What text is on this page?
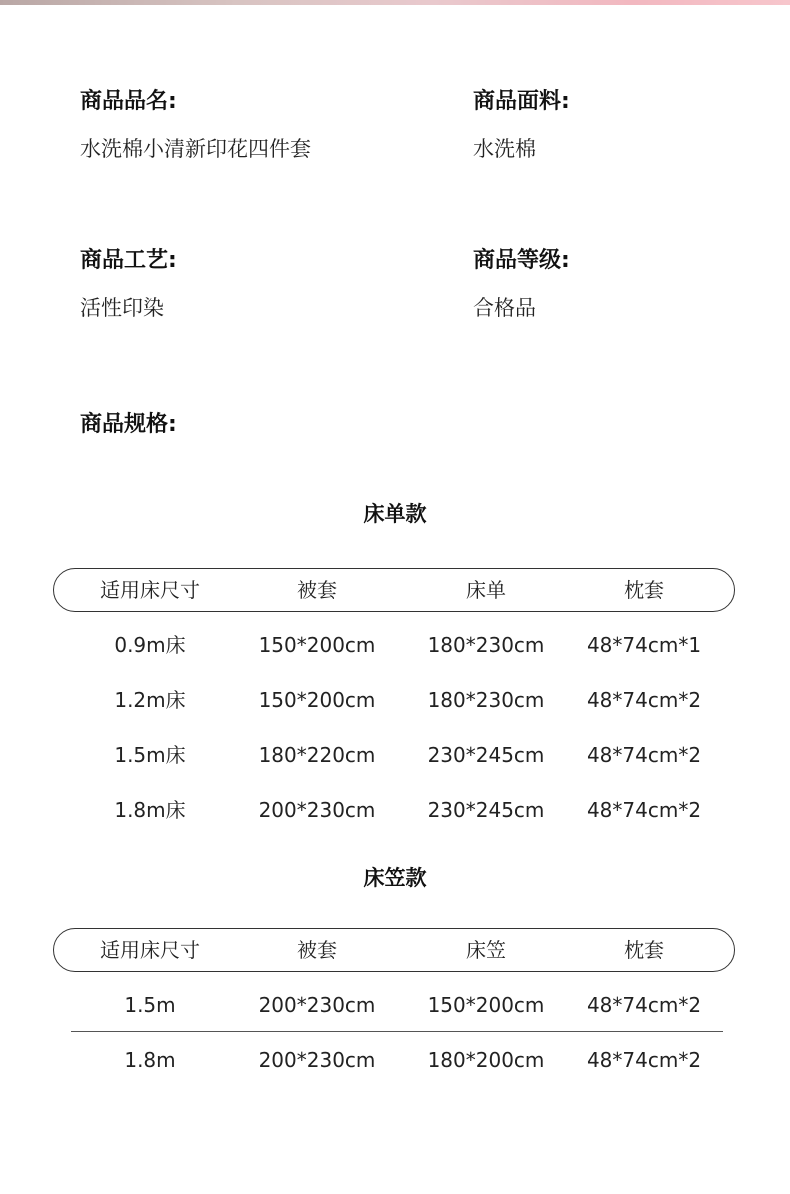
商品品名:
水洗棉小清新印花四件套
商品面料:
水洗棉
商品工艺:
活性印染
商品等级:
合格品
商品规格:
床单款
适用床尺寸	被套	床单	枕套
0.9m床	150*200cm	180*230cm	48*74cm*1
1.2m床	150*200cm	180*230cm	48*74cm*2
1.5m床	180*220cm	230*245cm	48*74cm*2
1.8m床	200*230cm	230*245cm	48*74cm*2
床笠款
适用床尺寸	被套	床笠	枕套
1.5m	200*230cm	150*200cm	48*74cm*2
1.8m	200*230cm	180*200cm	48*74cm*2
